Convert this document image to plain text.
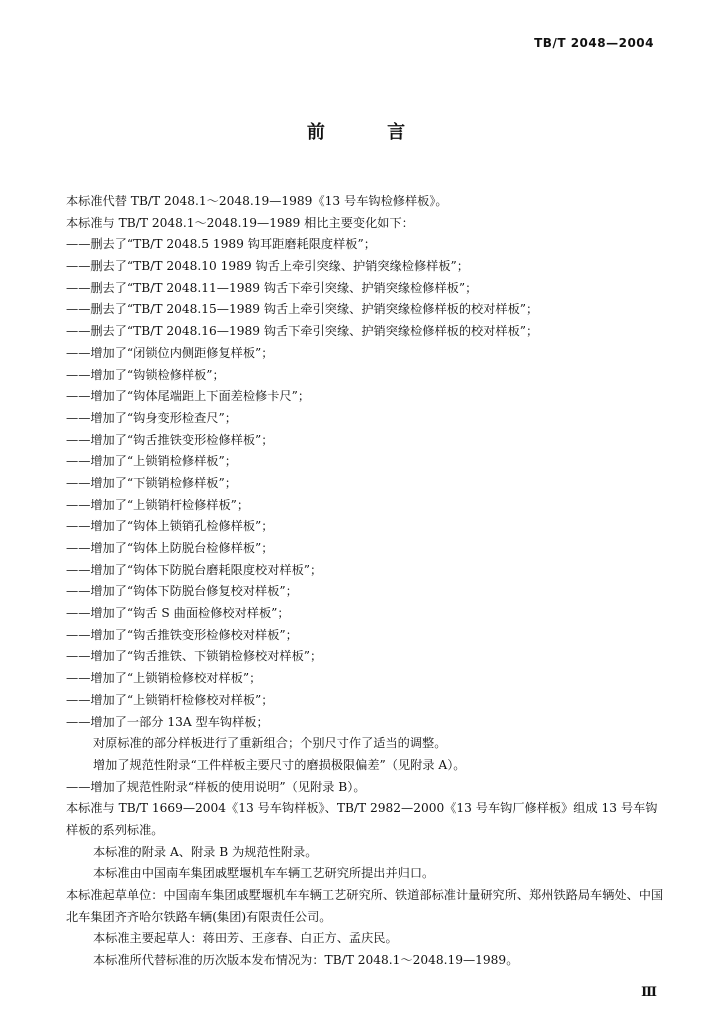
TB/T 2048—2004
前 言
本标准代替 TB/T 2048.1～2048.19—1989《13 号车钩检修样板》。
本标准与 TB/T 2048.1～2048.19—1989 相比主要变化如下：
——删去了“TB/T 2048.5 1989 钩耳距磨耗限度样板”；
——删去了“TB/T 2048.10 1989 钩舌上牵引突缘、护销突缘检修样板”；
——删去了“TB/T 2048.11—1989 钩舌下牵引突缘、护销突缘检修样板”；
——删去了“TB/T 2048.15—1989 钩舌上牵引突缘、护销突缘检修样板的校对样板”；
——删去了“TB/T 2048.16—1989 钩舌下牵引突缘、护销突缘检修样板的校对样板”；
——增加了“闭锁位内侧距修复样板”；
——增加了“钩锁检修样板”；
——增加了“钩体尾端距上下面差检修卡尺”；
——增加了“钩身变形检查尺”；
——增加了“钩舌推铁变形检修样板”；
——增加了“上锁销检修样板”；
——增加了“下锁销检修样板”；
——增加了“上锁销杆检修样板”；
——增加了“钩体上锁销孔检修样板”；
——增加了“钩体上防脱台检修样板”；
——增加了“钩体下防脱台磨耗限度校对样板”；
——增加了“钩体下防脱台修复校对样板”；
——增加了“钩舌 S 曲面检修校对样板”；
——增加了“钩舌推铁变形检修校对样板”；
——增加了“钩舌推铁、下锁销检修校对样板”；
——增加了“上锁销检修校对样板”；
——增加了“上锁销杆检修校对样板”；
——增加了一部分 13A 型车钩样板；
对原标准的部分样板进行了重新组合；个别尺寸作了适当的调整。
增加了规范性附录“工件样板主要尺寸的磨损极限偏差”（见附录 A）。
——增加了规范性附录“样板的使用说明”（见附录 B）。
本标准与 TB/T 1669—2004《13 号车钩样板》、TB/T 2982—2000《13 号车钩厂修样板》组成 13 号车钩样板的系列标准。
本标准的附录 A、附录 B 为规范性附录。
本标准由中国南车集团戚墅堰机车车辆工艺研究所提出并归口。
本标准起草单位：中国南车集团戚墅堰机车车辆工艺研究所、铁道部标准计量研究所、郑州铁路局车辆处、中国北车集团齐齐哈尔铁路车辆(集团)有限责任公司。
本标准主要起草人：蒋田芳、王彦春、白正方、孟庆民。
本标准所代替标准的历次版本发布情况为：TB/T 2048.1～2048.19—1989。
Ⅲ
